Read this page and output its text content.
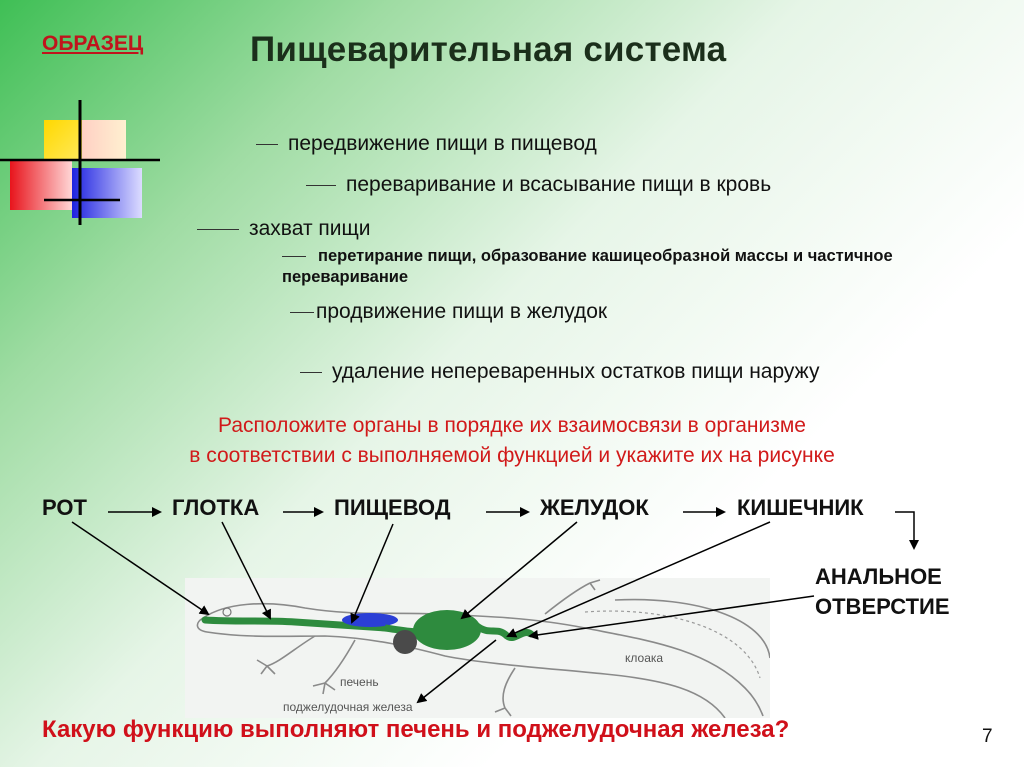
ОБРАЗЕЦ	Пищеварительная система
передвижение пищи в пищевод
переваривание и всасывание пищи в кровь
захват пищи
перетирание пищи, образование кашицеобразной массы и частичное переваривание
продвижение пищи в желудок
удаление непереваренных остатков пищи наружу
Расположите органы в порядке их взаимосвязи в организме
в соответствии с выполняемой функцией и укажите их на рисунке
РОТ	ГЛОТКА	ПИЩЕВОД	ЖЕЛУДОК	КИШЕЧНИК
АНАЛЬНОЕ
ОТВЕРСТИЕ
клоака
печень
поджелудочная железа
Какую функцию выполняют печень и поджелудочная железа?	7
